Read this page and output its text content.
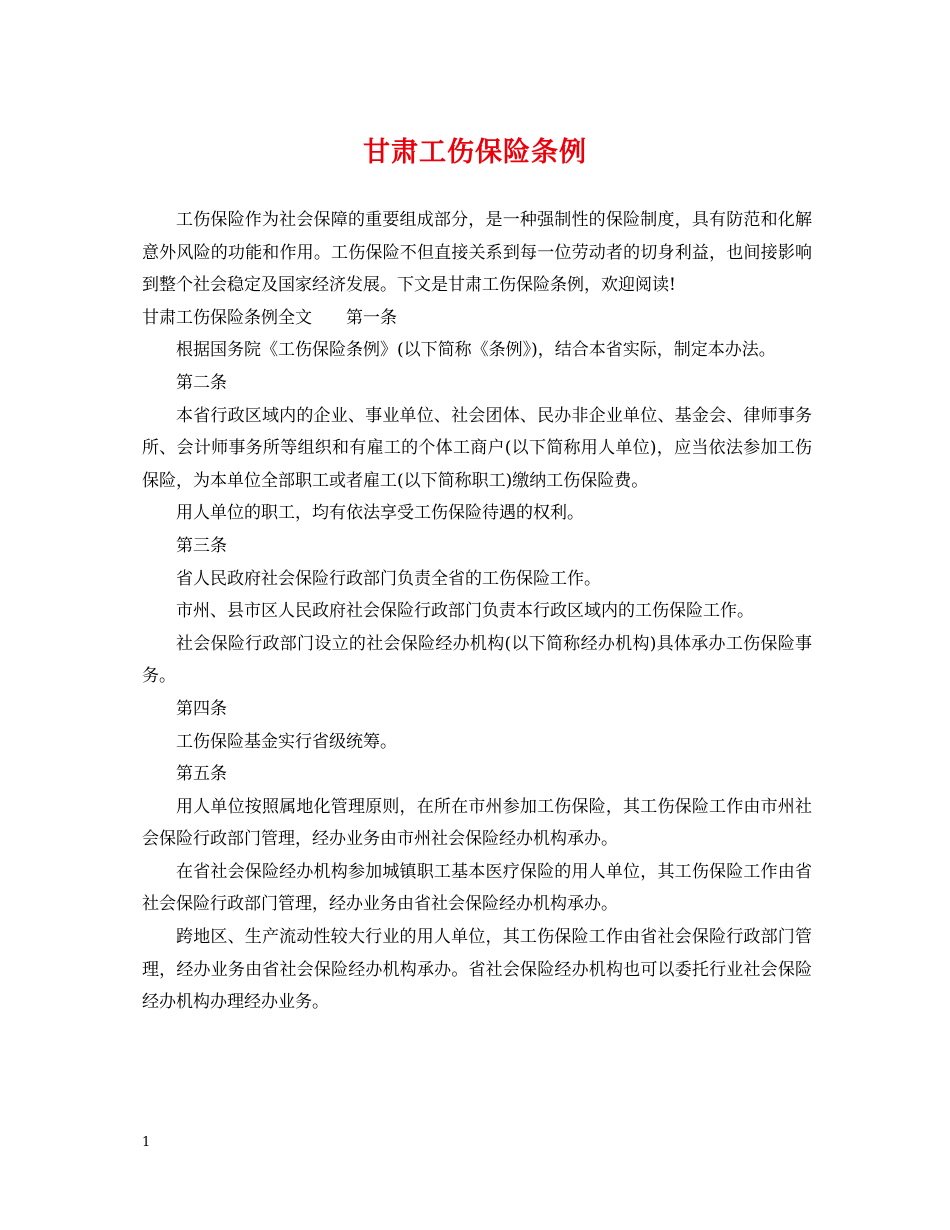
甘肃工伤保险条例

工伤保险作为社会保障的重要组成部分，是一种强制性的保险制度，具有防范和化解意外风险的功能和作用。工伤保险不但直接关系到每一位劳动者的切身利益，也间接影响到整个社会稳定及国家经济发展。下文是甘肃工伤保险条例，欢迎阅读!

甘肃工伤保险条例全文 第一条

根据国务院《工伤保险条例》(以下简称《条例》)，结合本省实际，制定本办法。

第二条

本省行政区域内的企业、事业单位、社会团体、民办非企业单位、基金会、律师事务所、会计师事务所等组织和有雇工的个体工商户(以下简称用人单位)，应当依法参加工伤保险，为本单位全部职工或者雇工(以下简称职工)缴纳工伤保险费。

用人单位的职工，均有依法享受工伤保险待遇的权利。

第三条

省人民政府社会保险行政部门负责全省的工伤保险工作。

市州、县市区人民政府社会保险行政部门负责本行政区域内的工伤保险工作。

社会保险行政部门设立的社会保险经办机构(以下简称经办机构)具体承办工伤保险事务。

第四条

工伤保险基金实行省级统筹。

第五条

用人单位按照属地化管理原则，在所在市州参加工伤保险，其工伤保险工作由市州社会保险行政部门管理，经办业务由市州社会保险经办机构承办。

在省社会保险经办机构参加城镇职工基本医疗保险的用人单位，其工伤保险工作由省社会保险行政部门管理，经办业务由省社会保险经办机构承办。

跨地区、生产流动性较大行业的用人单位，其工伤保险工作由省社会保险行政部门管理，经办业务由省社会保险经办机构承办。省社会保险经办机构也可以委托行业社会保险经办机构办理经办业务。

1
